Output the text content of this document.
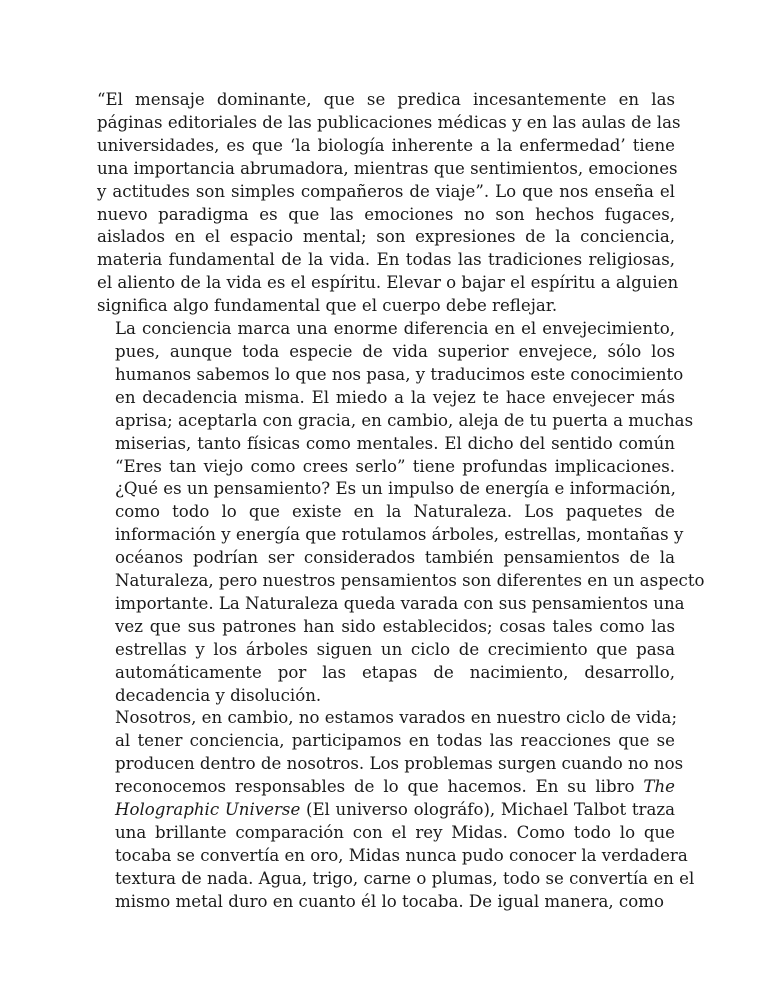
“El mensaje dominante, que se predica incesantemente en las
páginas editoriales de las publicaciones médicas y en las aulas de las
universidades, es que ‘la biología inherente a la enfermedad’ tiene
una importancia abrumadora, mientras que sentimientos, emociones
y actitudes son simples compañeros de viaje”. Lo que nos enseña el
nuevo paradigma es que las emociones no son hechos fugaces,
aislados en el espacio mental; son expresiones de la conciencia,
materia fundamental de la vida. En todas las tradiciones religiosas,
el aliento de la vida es el espíritu. Elevar o bajar el espíritu a alguien
significa algo fundamental que el cuerpo debe reflejar.

La conciencia marca una enorme diferencia en el envejecimiento,
pues, aunque toda especie de vida superior envejece, sólo los
humanos sabemos lo que nos pasa, y traducimos este conocimiento
en decadencia misma. El miedo a la vejez te hace envejecer más
aprisa; aceptarla con gracia, en cambio, aleja de tu puerta a muchas
miserias, tanto físicas como mentales. El dicho del sentido común
“Eres tan viejo como crees serlo” tiene profundas implicaciones.
¿Qué es un pensamiento? Es un impulso de energía e información,
como todo lo que existe en la Naturaleza. Los paquetes de
información y energía que rotulamos árboles, estrellas, montañas y
océanos podrían ser considerados también pensamientos de la
Naturaleza, pero nuestros pensamientos son diferentes en un aspecto
importante. La Naturaleza queda varada con sus pensamientos una
vez que sus patrones han sido establecidos; cosas tales como las
estrellas y los árboles siguen un ciclo de crecimiento que pasa
automáticamente por las etapas de nacimiento, desarrollo,
decadencia y disolución.

Nosotros, en cambio, no estamos varados en nuestro ciclo de vida;
al tener conciencia, participamos en todas las reacciones que se
producen dentro de nosotros. Los problemas surgen cuando no nos
reconocemos responsables de lo que hacemos. En su libro The
Holographic Universe (El universo olográfo), Michael Talbot traza
una brillante comparación con el rey Midas. Como todo lo que
tocaba se convertía en oro, Midas nunca pudo conocer la verdadera
textura de nada. Agua, trigo, carne o plumas, todo se convertía en el
mismo metal duro en cuanto él lo tocaba. De igual manera, como
